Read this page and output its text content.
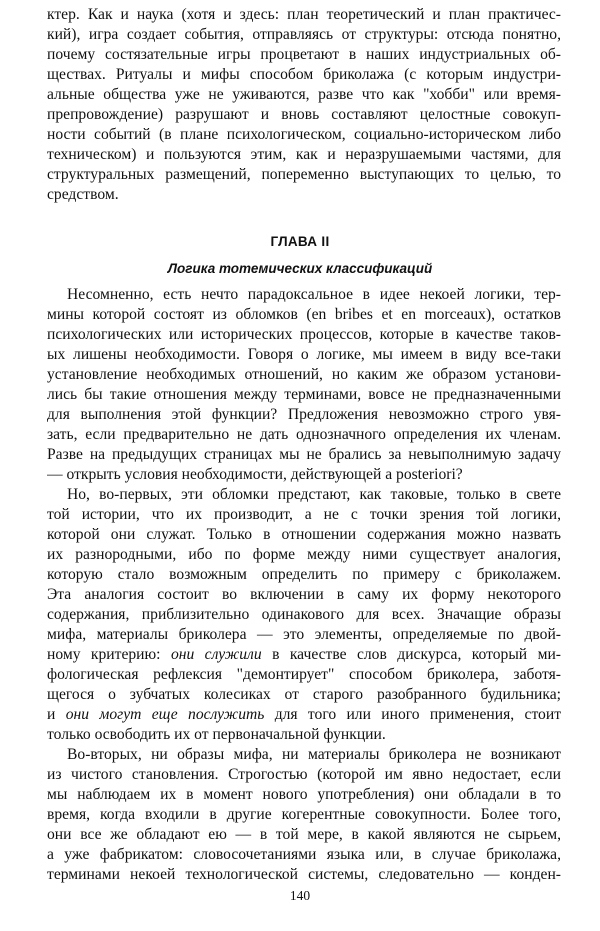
ктер. Как и наука (хотя и здесь: план теоретический и план практичес-
кий), игра создает события, отправляясь от структуры: отсюда понятно,
почему состязательные игры процветают в наших индустриальных об-
ществах. Ритуалы и мифы способом бриколажа (с которым индустри-
альные общества уже не уживаются, разве что как "хобби" или время-
препровождение) разрушают и вновь составляют целостные совокуп-
ности событий (в плане психологическом, социально-историческом либо
техническом) и пользуются этим, как и неразрушаемыми частями, для
структуральных размещений, попеременно выступающих то целью, то
средством.
ГЛАВА II
Логика тотемических классификаций
Несомненно, есть нечто парадоксальное в идее некоей логики, тер-
мины которой состоят из обломков (en bribes et en morceaux), остатков
психологических или исторических процессов, которые в качестве таков-
ых лишены необходимости. Говоря о логике, мы имеем в виду все-таки
установление необходимых отношений, но каким же образом установи-
лись бы такие отношения между терминами, вовсе не предназначенными
для выполнения этой функции? Предложения невозможно строго увя-
зать, если предварительно не дать однозначного определения их членам.
Разве на предыдущих страницах мы не брались за невыполнимую задачу
— открыть условия необходимости, действующей a posteriori?
Но, во-первых, эти обломки предстают, как таковые, только в свете
той истории, что их производит, а не с точки зрения той логики,
которой они служат. Только в отношении содержания можно назвать
их разнородными, ибо по форме между ними существует аналогия,
которую стало возможным определить по примеру с бриколажем.
Эта аналогия состоит во включении в саму их форму некоторого
содержания, приблизительно одинакового для всех. Значащие образы
мифа, материалы бриколера — это элементы, определяемые по двой-
ному критерию: они служили в качестве слов дискурса, который ми-
фологическая рефлексия "демонтирует" способом бриколера, заботя-
щегося о зубчатых колесиках от старого разобранного будильника;
и они могут еще послужить для того или иного применения, стоит
только освободить их от первоначальной функции.
Во-вторых, ни образы мифа, ни материалы бриколера не возникают
из чистого становления. Строгостью (которой им явно недостает, если
мы наблюдаем их в момент нового употребления) они обладали в то
время, когда входили в другие когерентные совокупности. Более того,
они все же обладают ею — в той мере, в какой являются не сырьем,
а уже фабрикатом: словосочетаниями языка или, в случае бриколажа,
терминами некоей технологической системы, следовательно — конден-
140
